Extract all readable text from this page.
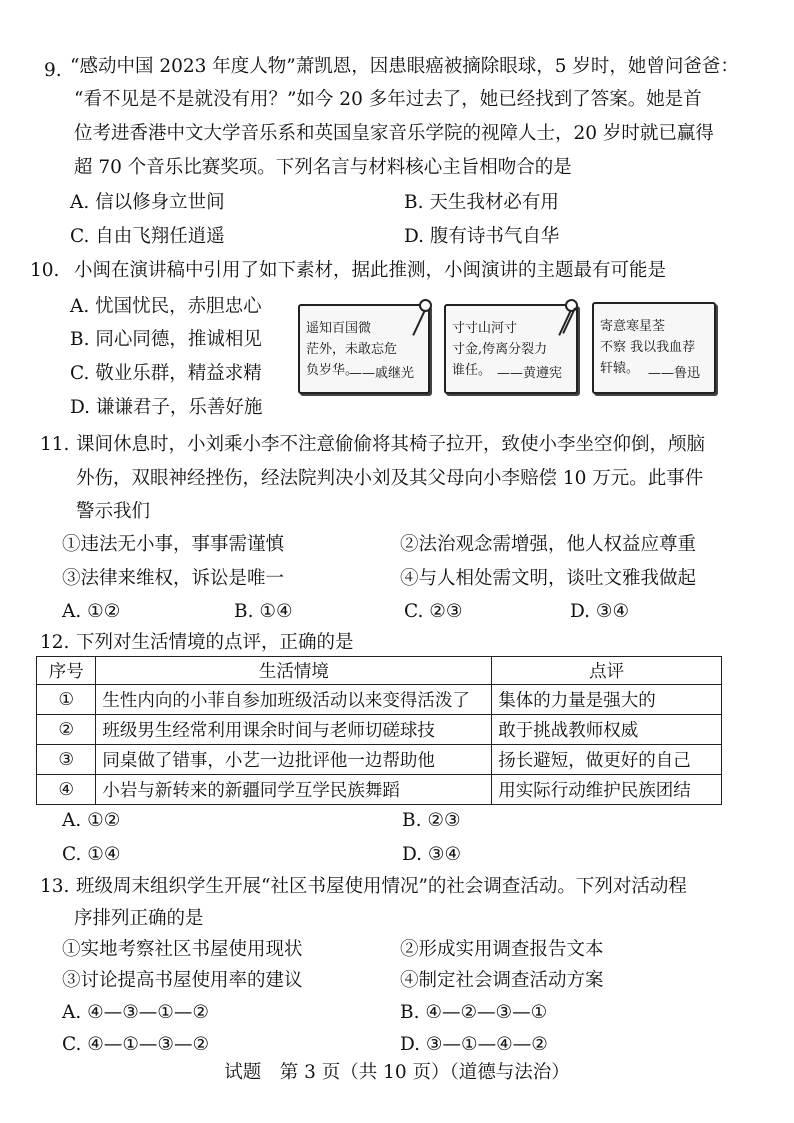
9. “感动中国 2023 年度人物”萧凯恩，因患眼癌被摘除眼球，5 岁时，她曾问爸爸：
“看不见是不是就没有用？”如今 20 多年过去了，她已经找到了答案。她是首
位考进香港中文大学音乐系和英国皇家音乐学院的视障人士，20 岁时就已赢得
超 70 个音乐比赛奖项。下列名言与材料核心主旨相吻合的是
A. 信以修身立世间	B. 天生我材必有用
C. 自由飞翔任逍遥	D. 腹有诗书气自华
10. 小闽在演讲稿中引用了如下素材，据此推测，小闽演讲的主题最有可能是
A. 忧国忧民，赤胆忠心
B. 同心同德，推诚相见
C. 敬业乐群，精益求精
D. 谦谦君子，乐善好施
遥知百国微
茫外，未敢忘危
负岁华。
——戚继光
寸寸山河寸
寸金,侉离分裂力
谁任。 ——黄遵宪
寄意寒星荃
不察 我以我血荐
轩辕。 ——鲁迅
11. 课间休息时，小刘乘小李不注意偷偷将其椅子拉开，致使小李坐空仰倒，颅脑
外伤，双眼神经挫伤，经法院判决小刘及其父母向小李赔偿 10 万元。此事件
警示我们
①违法无小事，事事需谨慎	②法治观念需增强，他人权益应尊重
③法律来维权，诉讼是唯一	④与人相处需文明，谈吐文雅我做起
A. ①②	B. ①④	C. ②③	D. ③④
12. 下列对生活情境的点评，正确的是
序号	生活情境	点评
①	生性内向的小菲自参加班级活动以来变得活泼了	集体的力量是强大的
②	班级男生经常利用课余时间与老师切磋球技	敢于挑战教师权威
③	同桌做了错事，小艺一边批评他一边帮助他	扬长避短，做更好的自己
④	小岩与新转来的新疆同学互学民族舞蹈	用实际行动维护民族团结
A. ①②	B. ②③
C. ①④	D. ③④
13. 班级周末组织学生开展“社区书屋使用情况”的社会调查活动。下列对活动程
序排列正确的是
①实地考察社区书屋使用现状	②形成实用调查报告文本
③讨论提高书屋使用率的建议	④制定社会调查活动方案
A. ④—③—①—②	B. ④—②—③—①
C. ④—①—③—②	D. ③—①—④—②
试题　第 3 页（共 10 页）（道德与法治）
